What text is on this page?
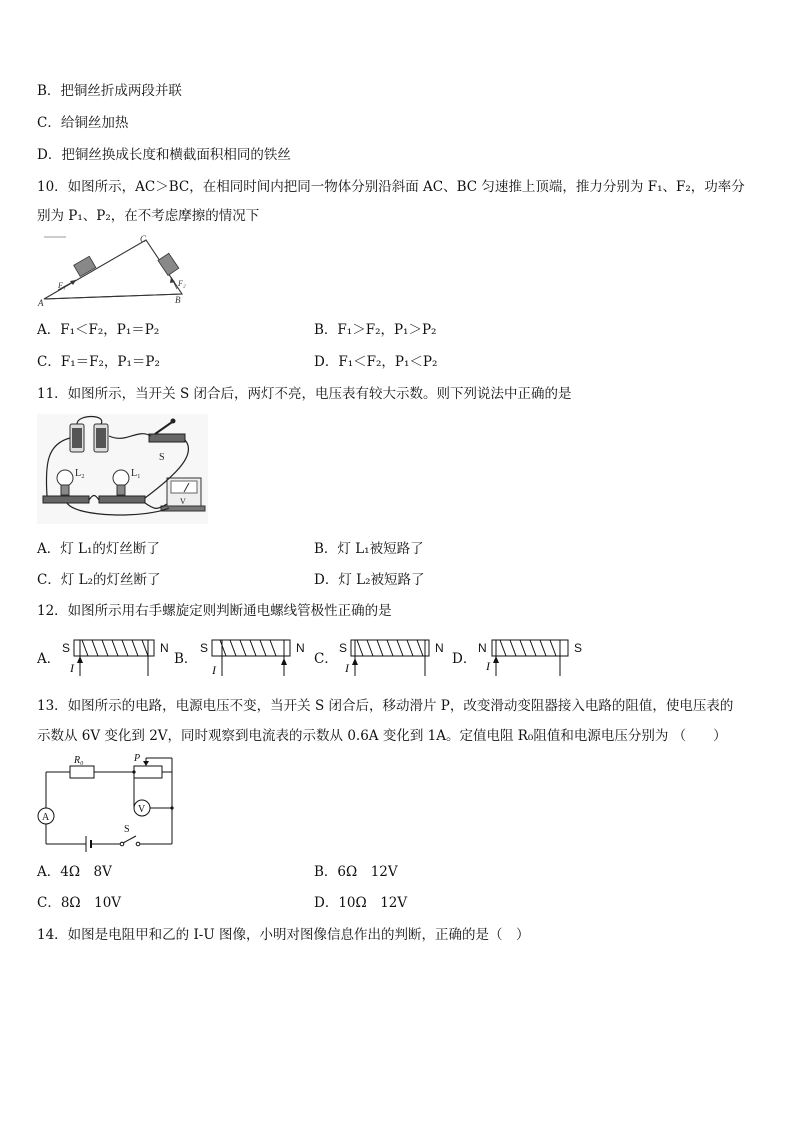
B．把铜丝折成两段并联
C．给铜丝加热
D．把铜丝换成长度和横截面积相同的铁丝
10．如图所示，AC＞BC，在相同时间内把同一物体分别沿斜面 AC、BC 匀速推上顶端，推力分别为 F₁、F₂，功率分
别为 P₁、P₂，在不考虑摩擦的情况下
A
C
B
F₁	F₂
A．F₁＜F₂，P₁＝P₂	B．F₁＞F₂，P₁＞P₂
C．F₁＝F₂，P₁＝P₂	D．F₁＜F₂，P₁＜P₂
11．如图所示，当开关 S 闭合后，两灯不亮，电压表有较大示数。则下列说法中正确的是
L₂	L₁
S
V
A．灯 L₁的灯丝断了	B．灯 L₁被短路了
C．灯 L₂的灯丝断了	D．灯 L₂被短路了
12．如图所示用右手螺旋定则判断通电螺线管极性正确的是
A．
S	N
I
B．
S	N
I
C．
S	N
I
D．
N	S
I
13．如图所示的电路，电源电压不变，当开关 S 闭合后，移动滑片 P，改变滑动变阻器接入电路的阻值，使电压表的
示数从 6V 变化到 2V，同时观察到电流表的示数从 0.6A 变化到 1A。定值电阻 R₀阻值和电源电压分别为 （　　）
R₀	P
A
V
S
A．4Ω　8V	B．6Ω　12V
C．8Ω　10V	D．10Ω　12V
14．如图是电阻甲和乙的 I-U 图像，小明对图像信息作出的判断，正确的是（　）
